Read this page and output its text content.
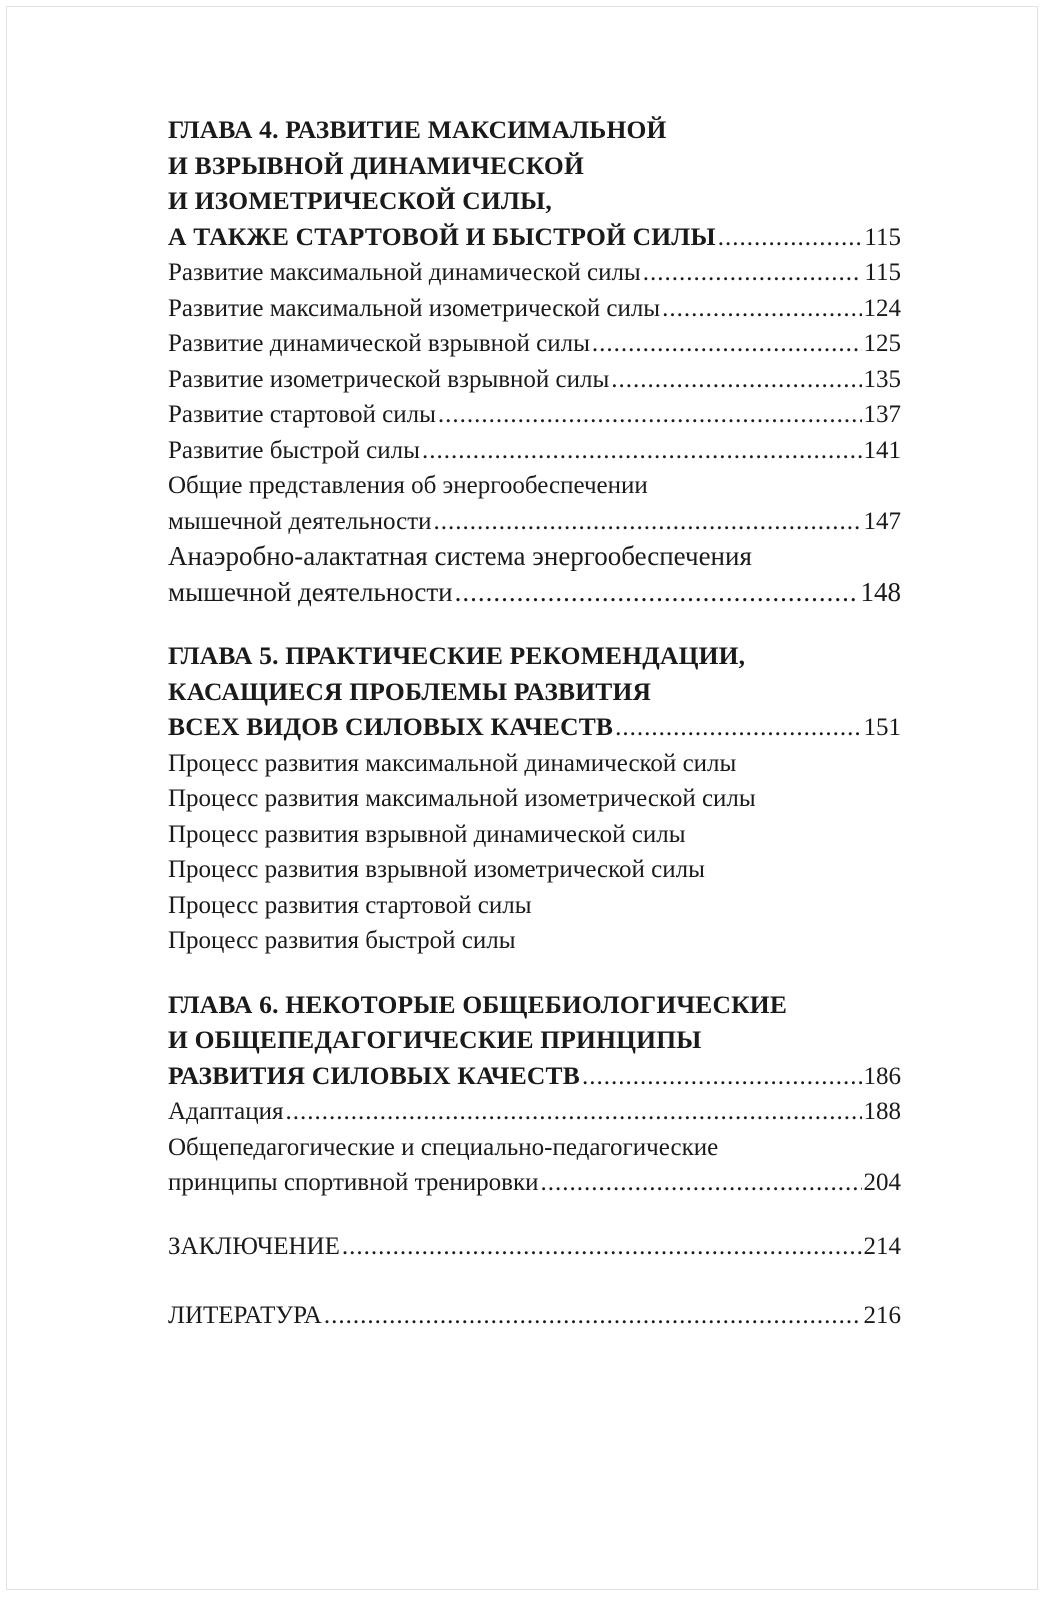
ГЛАВА 4. РАЗВИТИЕ МАКСИМАЛЬНОЙ
И ВЗРЫВНОЙ ДИНАМИЧЕСКОЙ
И ИЗОМЕТРИЧЕСКОЙ СИЛЫ,
А ТАКЖЕ СТАРТОВОЙ И БЫСТРОЙ СИЛЫ .....	115
Развитие максимальной динамической силы .....	115
Развитие максимальной изометрической силы .....	124
Развитие динамической взрывной силы .....	125
Развитие изометрической взрывной силы .....	135
Развитие стартовой силы .....	137
Развитие быстрой силы .....	141
Общие представления об энергообеспечении
мышечной деятельности .....	147
Анаэробно-алактатная система энергообеспечения
мышечной деятельности .....	148
ГЛАВА 5. ПРАКТИЧЕСКИЕ РЕКОМЕНДАЦИИ,
КАСАЩИЕСЯ ПРОБЛЕМЫ РАЗВИТИЯ
ВСЕХ ВИДОВ СИЛОВЫХ КАЧЕСТВ .....	151
Процесс развития максимальной динамической силы
Процесс развития максимальной изометрической силы
Процесс развития взрывной динамической силы
Процесс развития взрывной изометрической силы
Процесс развития стартовой силы
Процесс развития быстрой силы
ГЛАВА 6. НЕКОТОРЫЕ ОБЩЕБИОЛОГИЧЕСКИЕ
И ОБЩЕПЕДАГОГИЧЕСКИЕ ПРИНЦИПЫ
РАЗВИТИЯ СИЛОВЫХ КАЧЕСТВ .....	186
Адаптация .....	188
Общепедагогические и специально-педагогические
принципы спортивной тренировки .....	204
ЗАКЛЮЧЕНИЕ .....	214
ЛИТЕРАТУРА .....	216
